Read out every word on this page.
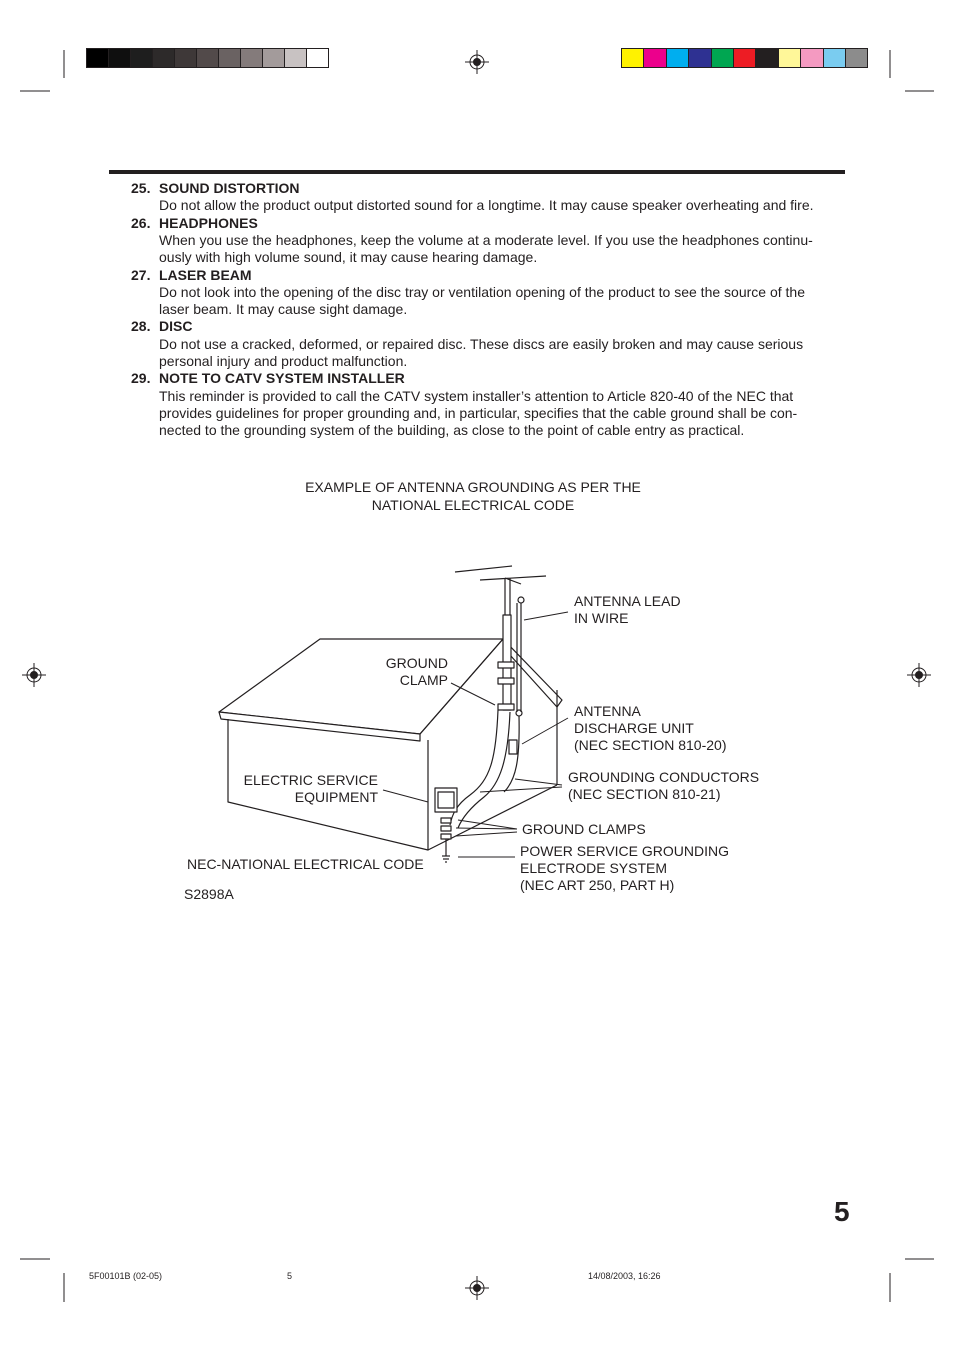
25. SOUND DISTORTION
Do not allow the product output distorted sound for a longtime. It may cause speaker overheating and fire.
26. HEADPHONES
When you use the headphones, keep the volume at a moderate level. If you use the headphones continu-
ously with high volume sound, it may cause hearing damage.
27. LASER BEAM
Do not look into the opening of the disc tray or ventilation opening of the product to see the source of the
laser beam. It may cause sight damage.
28. DISC
Do not use a cracked, deformed, or repaired disc. These discs are easily broken and may cause serious
personal injury and product malfunction.
29. NOTE TO CATV SYSTEM INSTALLER
This reminder is provided to call the CATV system installer’s attention to Article 820-40 of the NEC that
provides guidelines for proper grounding and, in particular, specifies that the cable ground shall be con-
nected to the grounding system of the building, as close to the point of cable entry as practical.
EXAMPLE OF ANTENNA GROUNDING AS PER THE
NATIONAL ELECTRICAL CODE
ANTENNA LEAD
IN WIRE
GROUND
CLAMP
ANTENNA
DISCHARGE UNIT
(NEC SECTION 810-20)
ELECTRIC SERVICE
EQUIPMENT
GROUNDING CONDUCTORS
(NEC SECTION 810-21)
GROUND CLAMPS
POWER SERVICE GROUNDING
ELECTRODE SYSTEM
(NEC ART 250, PART H)
NEC-NATIONAL ELECTRICAL CODE
S2898A
5
5F00101B (02-05)	5	14/08/2003, 16:26
